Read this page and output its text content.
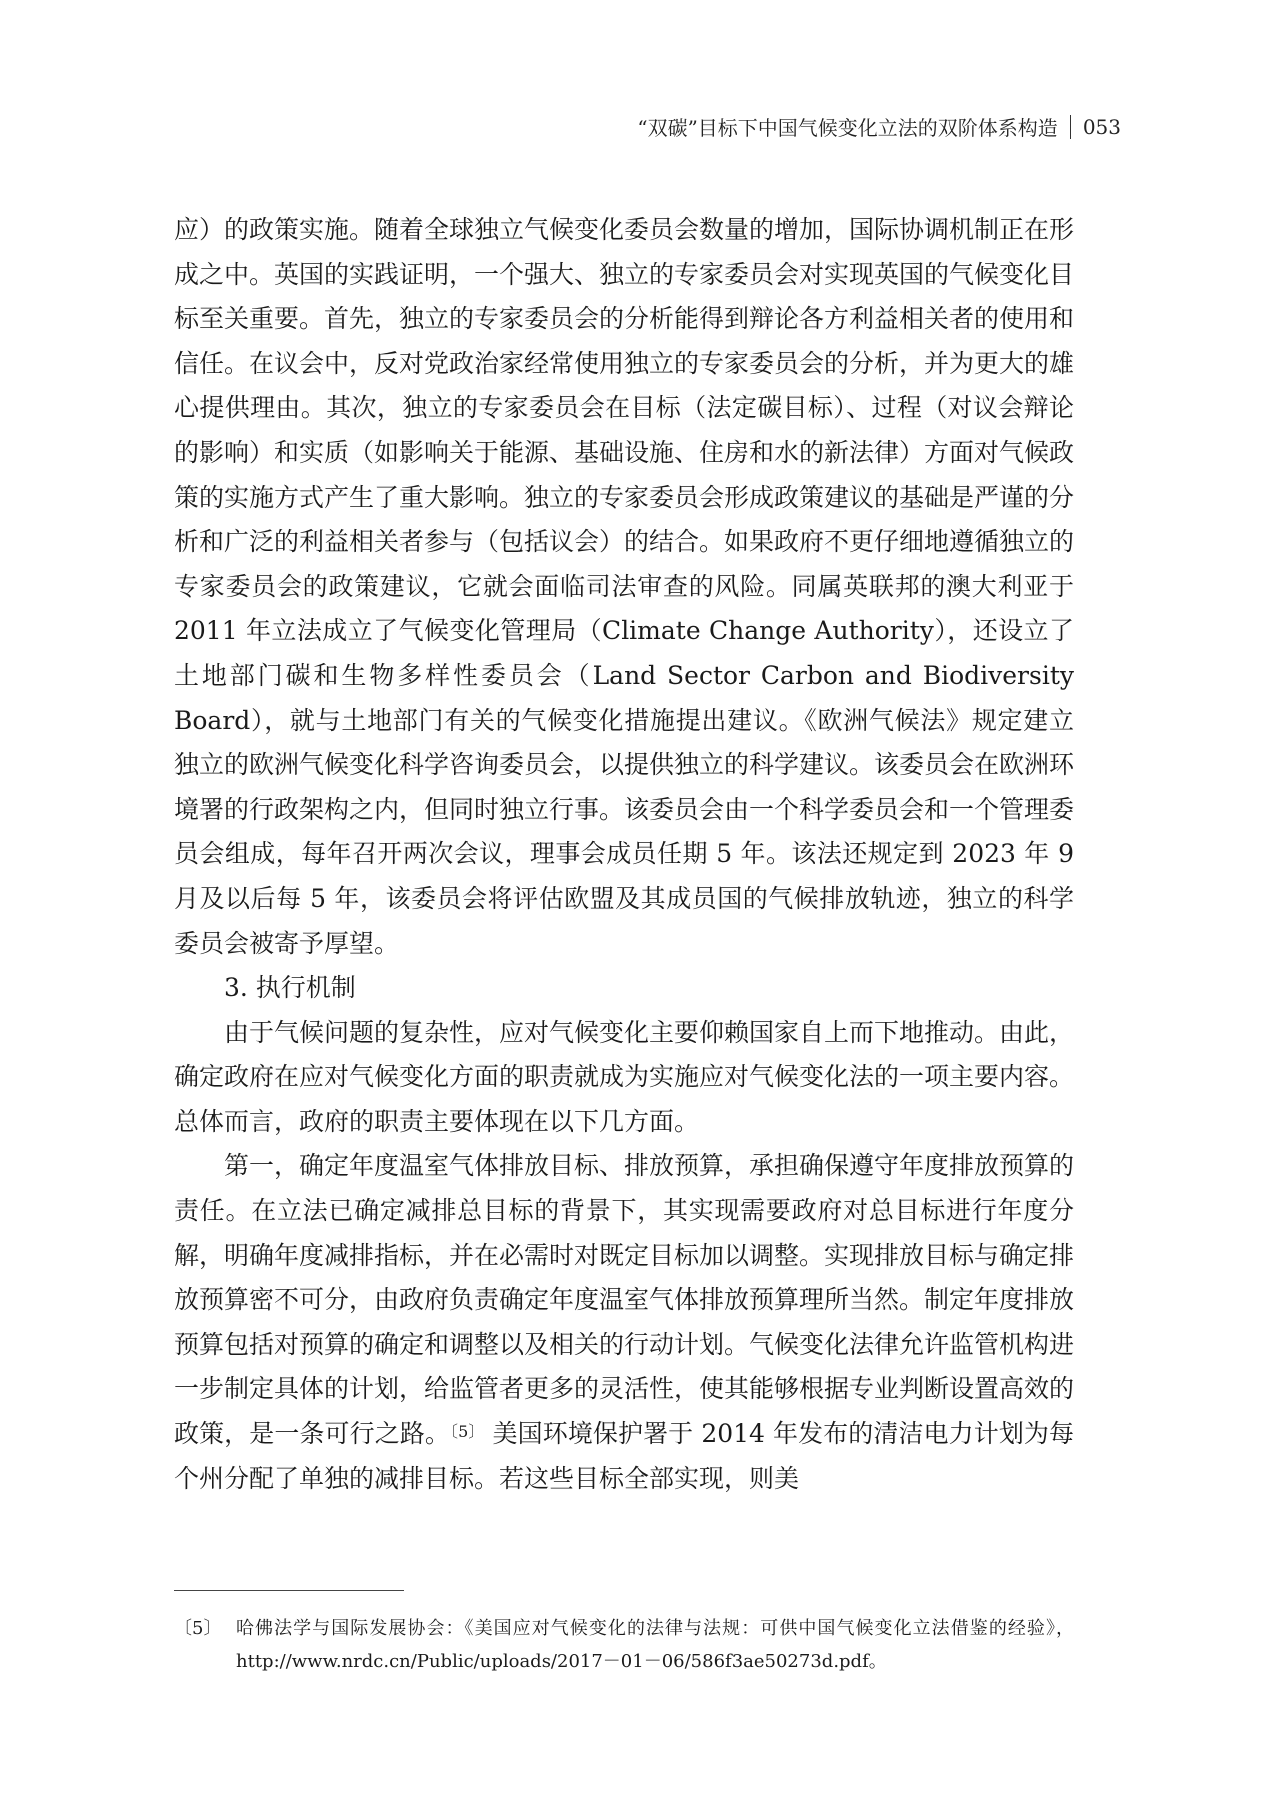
“双碳”目标下中国气候变化立法的双阶体系构造 053

应）的政策实施。随着全球独立气候变化委员会数量的增加，国际协调机制正在形成之中。英国的实践证明，一个强大、独立的专家委员会对实现英国的气候变化目标至关重要。首先，独立的专家委员会的分析能得到辩论各方利益相关者的使用和信任。在议会中，反对党政治家经常使用独立的专家委员会的分析，并为更大的雄心提供理由。其次，独立的专家委员会在目标（法定碳目标）、过程（对议会辩论的影响）和实质（如影响关于能源、基础设施、住房和水的新法律）方面对气候政策的实施方式产生了重大影响。独立的专家委员会形成政策建议的基础是严谨的分析和广泛的利益相关者参与（包括议会）的结合。如果政府不更仔细地遵循独立的专家委员会的政策建议，它就会面临司法审查的风险。同属英联邦的澳大利亚于 2011 年立法成立了气候变化管理局（Climate Change Authority），还设立了土地部门碳和生物多样性委员会（Land Sector Carbon and Biodiversity Board），就与土地部门有关的气候变化措施提出建议。《欧洲气候法》规定建立独立的欧洲气候变化科学咨询委员会，以提供独立的科学建议。该委员会在欧洲环境署的行政架构之内，但同时独立行事。该委员会由一个科学委员会和一个管理委员会组成，每年召开两次会议，理事会成员任期 5 年。该法还规定到 2023 年 9 月及以后每 5 年，该委员会将评估欧盟及其成员国的气候排放轨迹，独立的科学委员会被寄予厚望。

3. 执行机制

由于气候问题的复杂性，应对气候变化主要仰赖国家自上而下地推动。由此，确定政府在应对气候变化方面的职责就成为实施应对气候变化法的一项主要内容。总体而言，政府的职责主要体现在以下几方面。

第一，确定年度温室气体排放目标、排放预算，承担确保遵守年度排放预算的责任。在立法已确定减排总目标的背景下，其实现需要政府对总目标进行年度分解，明确年度减排指标，并在必需时对既定目标加以调整。实现排放目标与确定排放预算密不可分，由政府负责确定年度温室气体排放预算理所当然。制定年度排放预算包括对预算的确定和调整以及相关的行动计划。气候变化法律允许监管机构进一步制定具体的计划，给监管者更多的灵活性，使其能够根据专业判断设置高效的政策，是一条可行之路。$^{〔5〕}$ 美国环境保护署于 2014 年发布的清洁电力计划为每个州分配了单独的减排目标。若这些目标全部实现，则美

〔5〕 哈佛法学与国际发展协会：《美国应对气候变化的法律与法规：可供中国气候变化立法借鉴的经验》，http://www.nrdc.cn/Public/uploads/2017－01－06/586f3ae50273d.pdf。
